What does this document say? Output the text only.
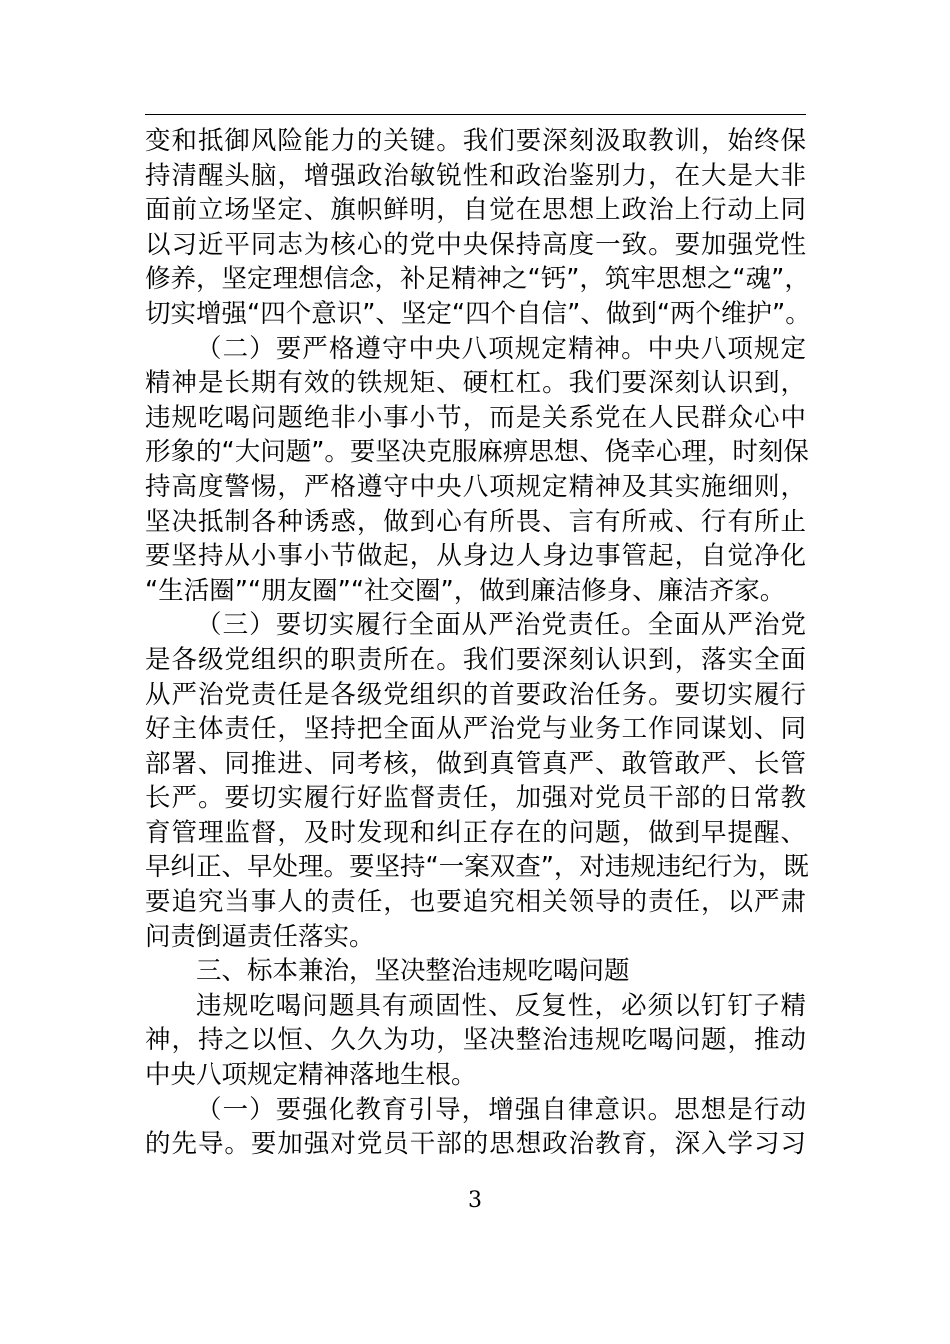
变和抵御风险能力的关键。我们要深刻汲取教训，始终保
持清醒头脑，增强政治敏锐性和政治鉴别力，在大是大非
面前立场坚定、旗帜鲜明，自觉在思想上政治上行动上同
以习近平同志为核心的党中央保持高度一致。要加强党性
修养，坚定理想信念，补足精神之“钙”，筑牢思想之“魂”，
切实增强“四个意识”、坚定“四个自信”、做到“两个维护”。
（二）要严格遵守中央八项规定精神。中央八项规定
精神是长期有效的铁规矩、硬杠杠。我们要深刻认识到，
违规吃喝问题绝非小事小节，而是关系党在人民群众心中
形象的“大问题”。要坚决克服麻痹思想、侥幸心理，时刻保
持高度警惕，严格遵守中央八项规定精神及其实施细则，
坚决抵制各种诱惑，做到心有所畏、言有所戒、行有所止
要坚持从小事小节做起，从身边人身边事管起，自觉净化
“生活圈”“朋友圈”“社交圈”，做到廉洁修身、廉洁齐家。
（三）要切实履行全面从严治党责任。全面从严治党
是各级党组织的职责所在。我们要深刻认识到，落实全面
从严治党责任是各级党组织的首要政治任务。要切实履行
好主体责任，坚持把全面从严治党与业务工作同谋划、同
部署、同推进、同考核，做到真管真严、敢管敢严、长管
长严。要切实履行好监督责任，加强对党员干部的日常教
育管理监督，及时发现和纠正存在的问题，做到早提醒、
早纠正、早处理。要坚持“一案双查”，对违规违纪行为，既
要追究当事人的责任，也要追究相关领导的责任，以严肃
问责倒逼责任落实。
三、标本兼治，坚决整治违规吃喝问题
违规吃喝问题具有顽固性、反复性，必须以钉钉子精
神，持之以恒、久久为功，坚决整治违规吃喝问题，推动
中央八项规定精神落地生根。
（一）要强化教育引导，增强自律意识。思想是行动
的先导。要加强对党员干部的思想政治教育，深入学习习
3
